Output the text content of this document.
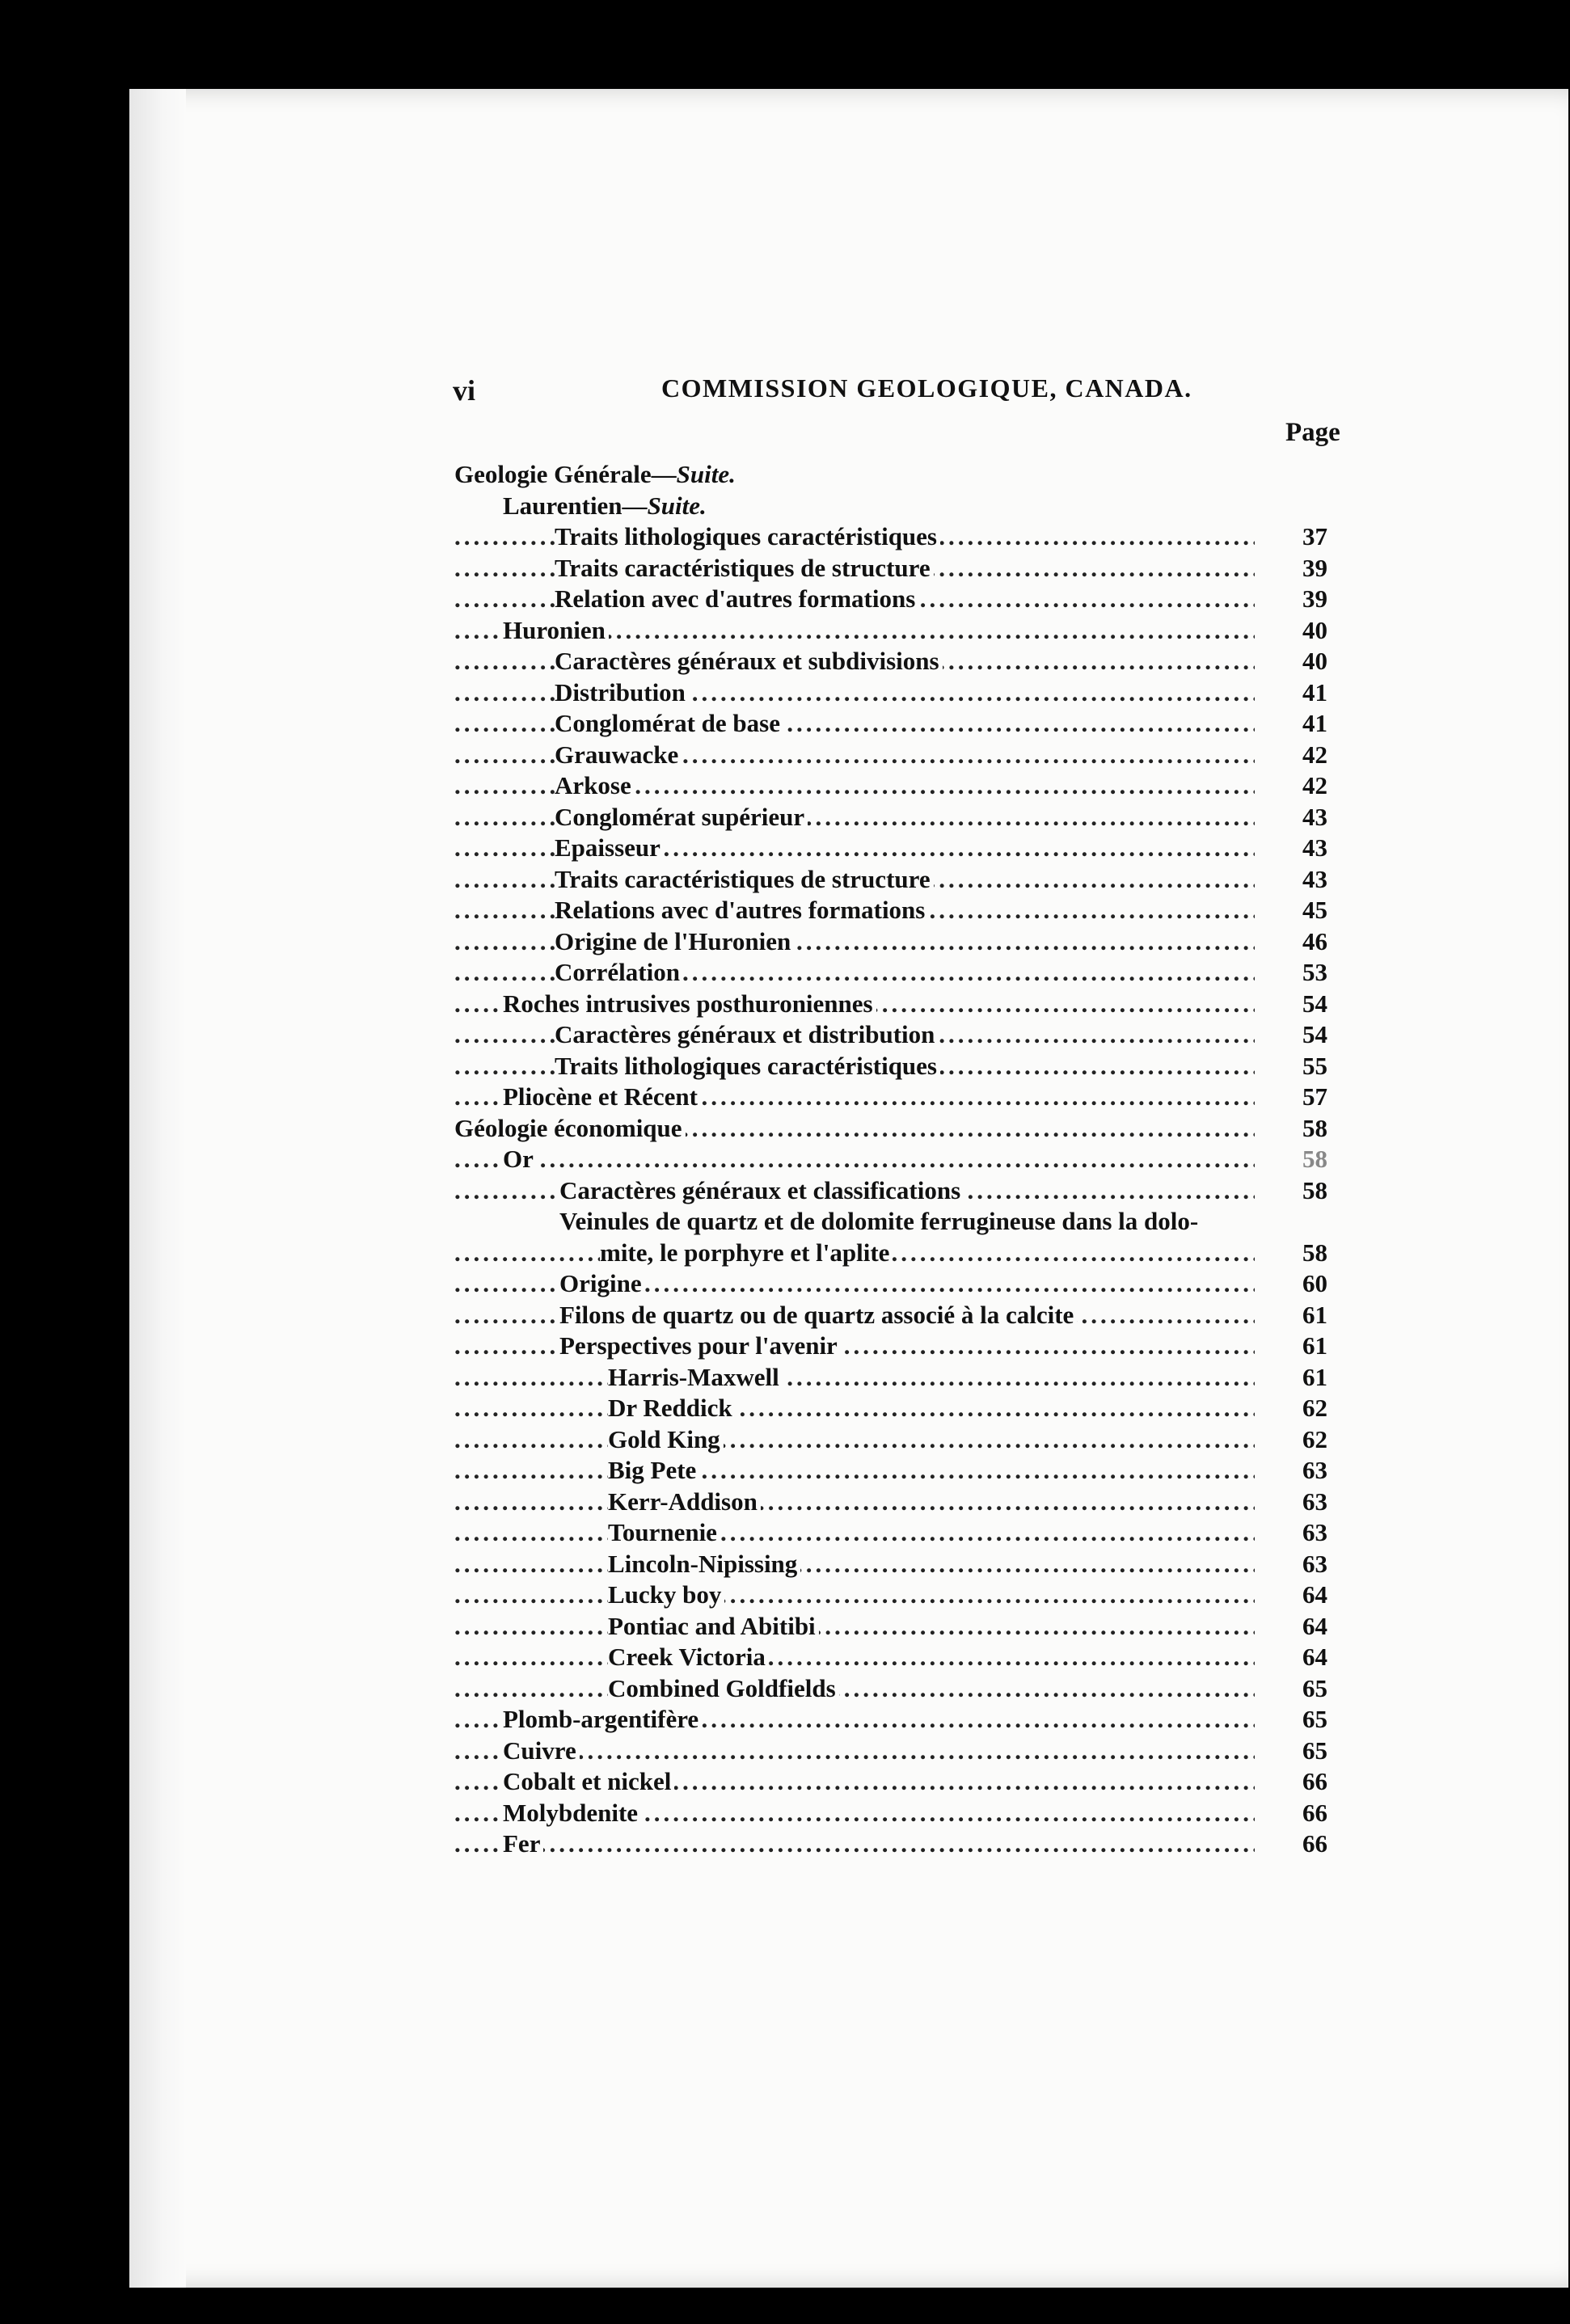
vi	COMMISSION GEOLOGIQUE, CANADA.
Page
Geologie Générale—Suite.
Laurentien—Suite.
Traits lithologiques caractéristiques	37
.....
Traits caractéristiques de structure	39
.....
Relation avec d'autres formations	39
.....
Huronien	40
.....
Caractères généraux et subdivisions	40
.....
Distribution	41
.....
Conglomérat de base	41
.....
Grauwacke	42
.....
Arkose	42
.....
Conglomérat supérieur	43
.....
Epaisseur	43
.....
Traits caractéristiques de structure	43
.....
Relations avec d'autres formations	45
.....
Origine de l'Huronien	46
.....
Corrélation	53
.....
Roches intrusives posthuroniennes	54
.....
Caractères généraux et distribution	54
.....
Traits lithologiques caractéristiques	55
.....
Pliocène et Récent	57
.....
Géologie économique	58
.....
Or	58
.....
Caractères généraux et classifications	58
.....
Veinules de quartz et de dolomite ferrugineuse dans la dolo-
mite, le porphyre et l'aplite	58
.....
Origine	60
.....
Filons de quartz ou de quartz associé à la calcite	61
.....
Perspectives pour l'avenir	61
.....
Harris-Maxwell	61
.....
Dr Reddick	62
.....
Gold King	62
.....
Big Pete	63
.....
Kerr-Addison	63
.....
Tournenie	63
.....
Lincoln-Nipissing	63
.....
Lucky boy	64
.....
Pontiac and Abitibi	64
.....
Creek Victoria	64
.....
Combined Goldfields	65
.....
Plomb-argentifère	65
.....
Cuivre	65
.....
Cobalt et nickel	66
.....
Molybdenite	66
.....
Fer	66
.....
